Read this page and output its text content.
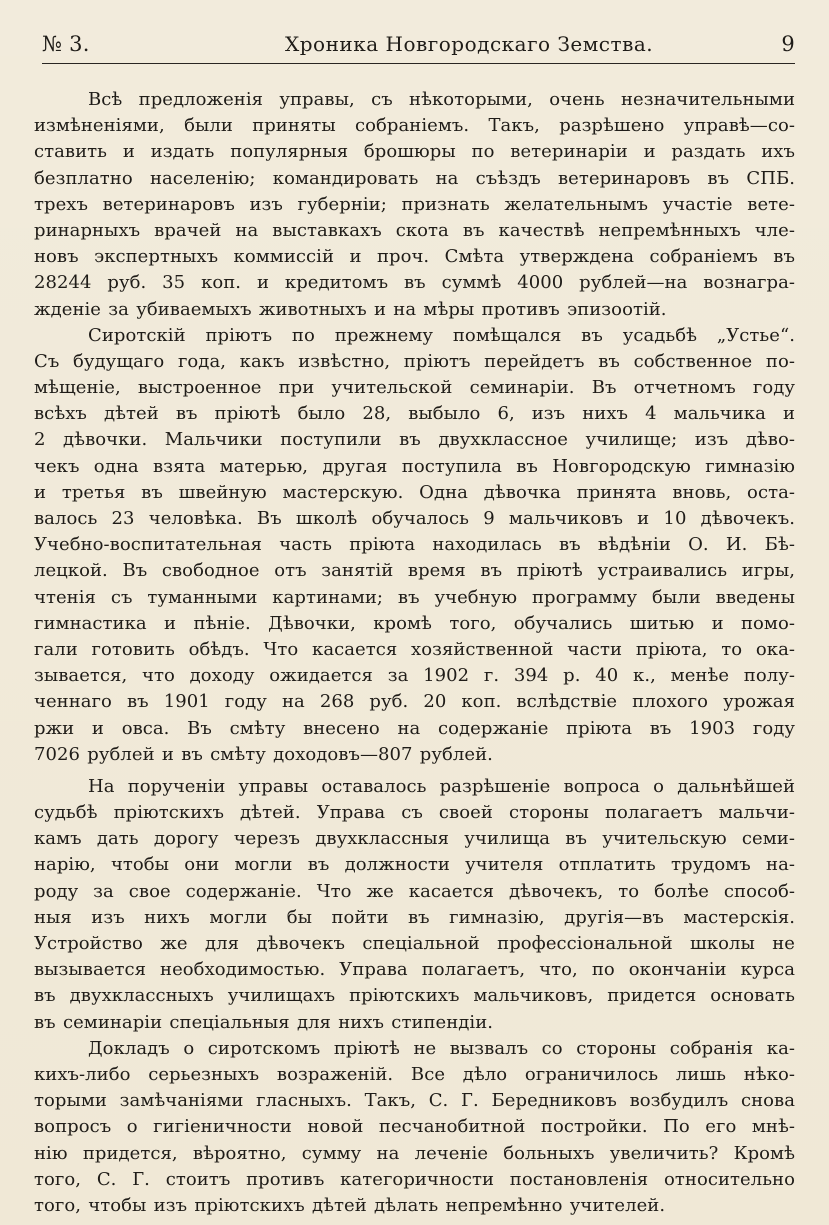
№ 3.	Хроника Новгородскаго Земства.	9
Всѣ предложенія управы, съ нѣкоторыми, очень незначительными
измѣненіями, были приняты собраніемъ. Такъ, разрѣшено управѣ—со-
ставить и издать популярныя брошюры по ветеринаріи и раздать ихъ
безплатно населенію; командировать на съѣздъ ветеринаровъ въ СПБ.
трехъ ветеринаровъ изъ губерніи; признать желательнымъ участіе вете-
ринарныхъ врачей на выставкахъ скота въ качествѣ непремѣнныхъ чле-
новъ экспертныхъ коммиссій и проч. Смѣта утверждена собраніемъ въ
28244 руб. 35 коп. и кредитомъ въ суммѣ 4000 рублей—на вознагра-
жденіе за убиваемыхъ животныхъ и на мѣры противъ эпизоотій.
Сиротскій пріютъ по прежнему помѣщался въ усадьбѣ „Устье“.
Съ будущаго года, какъ извѣстно, пріютъ перейдетъ въ собственное по-
мѣщеніе, выстроенное при учительской семинаріи. Въ отчетномъ году
всѣхъ дѣтей въ пріютѣ было 28, выбыло 6, изъ нихъ 4 мальчика и
2 дѣвочки. Мальчики поступили въ двухклассное училище; изъ дѣво-
чекъ одна взята матерью, другая поступила въ Новгородскую гимназію
и третья въ швейную мастерскую. Одна дѣвочка принята вновь, оста-
валось 23 человѣка. Въ школѣ обучалось 9 мальчиковъ и 10 дѣвочекъ.
Учебно-воспитательная часть пріюта находилась въ вѣдѣніи О. И. Бѣ-
лецкой. Въ свободное отъ занятій время въ пріютѣ устраивались игры,
чтенія съ туманными картинами; въ учебную программу были введены
гимнастика и пѣніе. Дѣвочки, кромѣ того, обучались шитью и помо-
гали готовить обѣдъ. Что касается хозяйственной части пріюта, то ока-
зывается, что доходу ожидается за 1902 г. 394 р. 40 к., менѣе полу-
ченнаго въ 1901 году на 268 руб. 20 коп. вслѣдствіе плохого урожая
ржи и овса. Въ смѣту внесено на содержаніе пріюта въ 1903 году
7026 рублей и въ смѣту доходовъ—807 рублей.
На порученіи управы оставалось разрѣшеніе вопроса о дальнѣйшей
судьбѣ пріютскихъ дѣтей. Управа съ своей стороны полагаетъ мальчи-
камъ дать дорогу черезъ двухклассныя училища въ учительскую семи-
нарію, чтобы они могли въ должности учителя отплатить трудомъ на-
роду за свое содержаніе. Что же касается дѣвочекъ, то болѣе способ-
ныя изъ нихъ могли бы пойти въ гимназію, другія—въ мастерскія.
Устройство же для дѣвочекъ спеціальной профессіональной школы не
вызывается необходимостью. Управа полагаетъ, что, по окончаніи курса
въ двухклассныхъ училищахъ пріютскихъ мальчиковъ, придется основать
въ семинаріи спеціальныя для нихъ стипендіи.
Докладъ о сиротскомъ пріютѣ не вызвалъ со стороны собранія ка-
кихъ-либо серьезныхъ возраженій. Все дѣло ограничилось лишь нѣко-
торыми замѣчаніями гласныхъ. Такъ, С. Г. Бередниковъ возбудилъ снова
вопросъ о гигіеничности новой песчанобитной постройки. По его мнѣ-
нію придется, вѣроятно, сумму на леченіе больныхъ увеличить? Кромѣ
того, С. Г. стоитъ противъ категоричности постановленія относительно
того, чтобы изъ пріютскихъ дѣтей дѣлать непремѣнно учителей.
